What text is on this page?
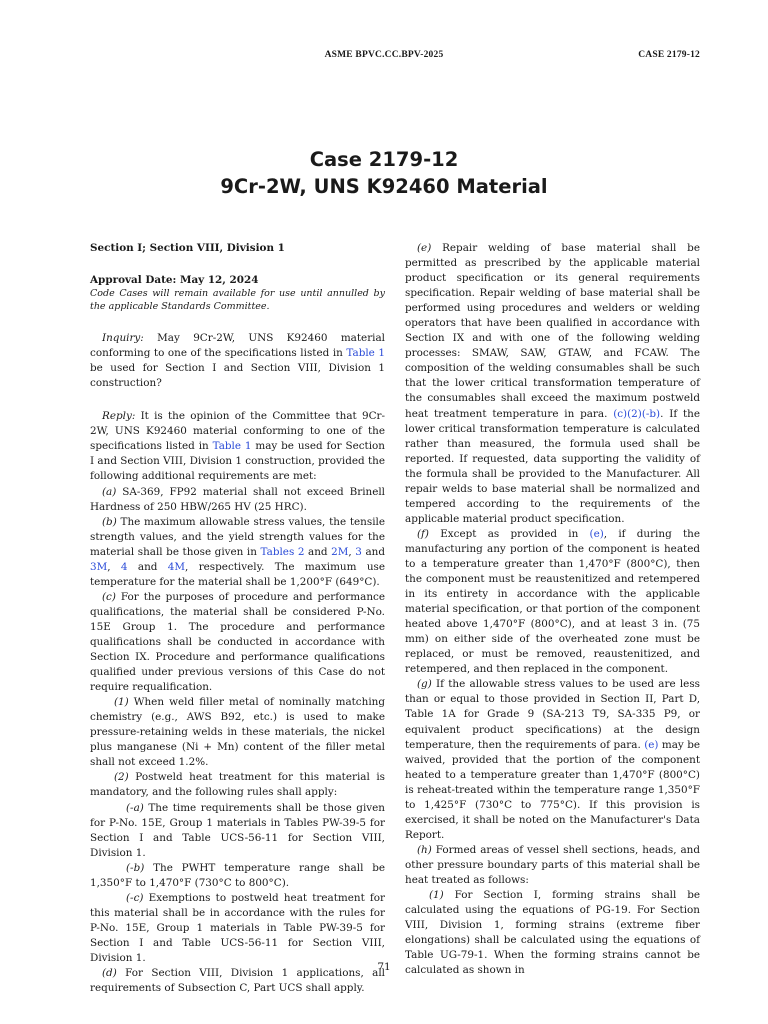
ASME BPVC.CC.BPV-2025	CASE 2179-12
Case 2179-12
9Cr-2W, UNS K92460 Material

Section I; Section VIII, Division 1

Approval Date: May 12, 2024

Code Cases will remain available for use until annulled by the applicable Standards Committee.

Inquiry: May 9Cr-2W, UNS K92460 material conforming to one of the specifications listed in Table 1 be used for Section I and Section VIII, Division 1 construction?

Reply: It is the opinion of the Committee that 9Cr-2W, UNS K92460 material conforming to one of the specifications listed in Table 1 may be used for Section I and Section VIII, Division 1 construction, provided the following additional requirements are met:

(a) SA-369, FP92 material shall not exceed Brinell Hardness of 250 HBW/265 HV (25 HRC).

(b) The maximum allowable stress values, the tensile strength values, and the yield strength values for the material shall be those given in Tables 2 and 2M, 3 and 3M, 4 and 4M, respectively. The maximum use temperature for the material shall be 1,200°F (649°C).

(c) For the purposes of procedure and performance qualifications, the material shall be considered P-No. 15E Group 1. The procedure and performance qualifications shall be conducted in accordance with Section IX. Procedure and performance qualifications qualified under previous versions of this Case do not require requalification.

(1) When weld filler metal of nominally matching chemistry (e.g., AWS B92, etc.) is used to make pressure-retaining welds in these materials, the nickel plus manganese (Ni + Mn) content of the filler metal shall not exceed 1.2%.

(2) Postweld heat treatment for this material is mandatory, and the following rules shall apply:

(-a) The time requirements shall be those given for P-No. 15E, Group 1 materials in Tables PW-39-5 for Section I and Table UCS-56-11 for Section VIII, Division 1.

(-b) The PWHT temperature range shall be 1,350°F to 1,470°F (730°C to 800°C).

(-c) Exemptions to postweld heat treatment for this material shall be in accordance with the rules for P-No. 15E, Group 1 materials in Table PW-39-5 for Section I and Table UCS-56-11 for Section VIII, Division 1.

(d) For Section VIII, Division 1 applications, all requirements of Subsection C, Part UCS shall apply.

(e) Repair welding of base material shall be permitted as prescribed by the applicable material product specification or its general requirements specification. Repair welding of base material shall be performed using procedures and welders or welding operators that have been qualified in accordance with Section IX and with one of the following welding processes: SMAW, SAW, GTAW, and FCAW. The composition of the welding consumables shall be such that the lower critical transformation temperature of the consumables shall exceed the maximum postweld heat treatment temperature in para. (c)(2)(-b). If the lower critical transformation temperature is calculated rather than measured, the formula used shall be reported. If requested, data supporting the validity of the formula shall be provided to the Manufacturer. All repair welds to base material shall be normalized and tempered according to the requirements of the applicable material product specification.

(f) Except as provided in (e), if during the manufacturing any portion of the component is heated to a temperature greater than 1,470°F (800°C), then the component must be reaustenitized and retempered in its entirety in accordance with the applicable material specification, or that portion of the component heated above 1,470°F (800°C), and at least 3 in. (75 mm) on either side of the overheated zone must be replaced, or must be removed, reaustenitized, and retempered, and then replaced in the component.

(g) If the allowable stress values to be used are less than or equal to those provided in Section II, Part D, Table 1A for Grade 9 (SA-213 T9, SA-335 P9, or equivalent product specifications) at the design temperature, then the requirements of para. (e) may be waived, provided that the portion of the component heated to a temperature greater than 1,470°F (800°C) is reheat-treated within the temperature range 1,350°F to 1,425°F (730°C to 775°C). If this provision is exercised, it shall be noted on the Manufacturer's Data Report.

(h) Formed areas of vessel shell sections, heads, and other pressure boundary parts of this material shall be heat treated as follows:

(1) For Section I, forming strains shall be calculated using the equations of PG-19. For Section VIII, Division 1, forming strains (extreme fiber elongations) shall be calculated using the equations of Table UG-79-1. When the forming strains cannot be calculated as shown in

71
